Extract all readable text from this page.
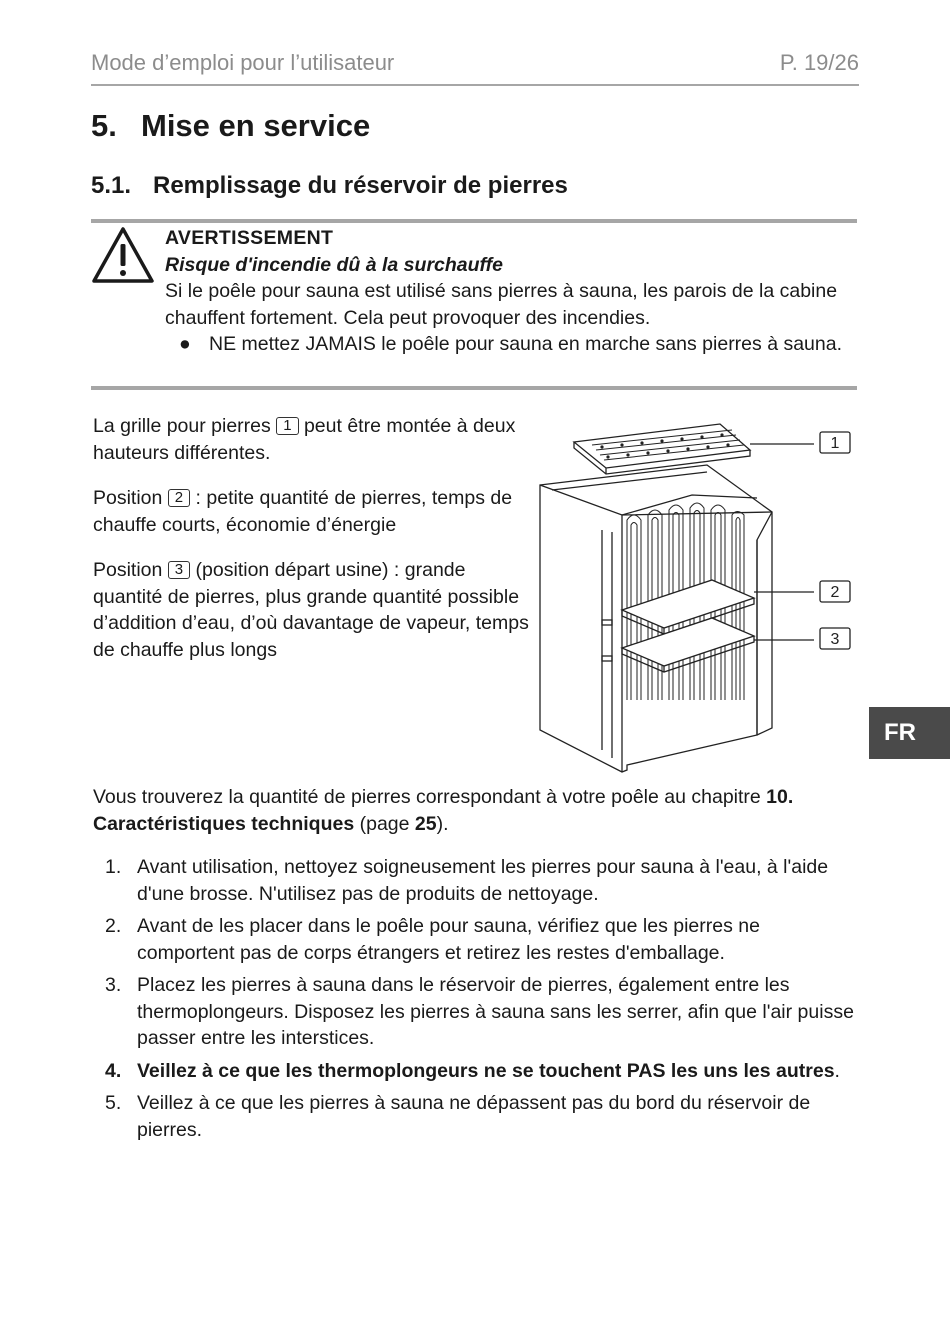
Mode d’emploi pour l’utilisateur	P. 19/26
5. Mise en service
5.1. Remplissage du réservoir de pierres
AVERTISSEMENT
Risque d'incendie dû à la surchauffe
Si le poêle pour sauna est utilisé sans pierres à sauna, les parois de la cabine chauffent fortement. Cela peut provoquer des incendies.
● NE mettez JAMAIS le poêle pour sauna en marche sans pierres à sauna.

La grille pour pierres 1 peut être montée à deux hauteurs différentes.

Position 2 : petite quantité de pierres, temps de chauffe courts, économie d’énergie

Position 3 (position départ usine) : grande quantité de pierres, plus grande quantité possible d’addition d’eau, d’où davantage de vapeur, temps de chauffe plus longs

1
2
3
FR
Vous trouverez la quantité de pierres correspondant à votre poêle au chapitre 10. Caractéristiques techniques (page 25).
1. Avant utilisation, nettoyez soigneusement les pierres pour sauna à l'eau, à l'aide d'une brosse. N'utilisez pas de produits de nettoyage.
2. Avant de les placer dans le poêle pour sauna, vérifiez que les pierres ne comportent pas de corps étrangers et retirez les restes d'emballage.
3. Placez les pierres à sauna dans le réservoir de pierres, également entre les thermoplongeurs. Disposez les pierres à sauna sans les serrer, afin que l'air puisse passer entre les interstices.
4. Veillez à ce que les thermoplongeurs ne se touchent PAS les uns les autres.
5. Veillez à ce que les pierres à sauna ne dépassent pas du bord du réservoir de pierres.
